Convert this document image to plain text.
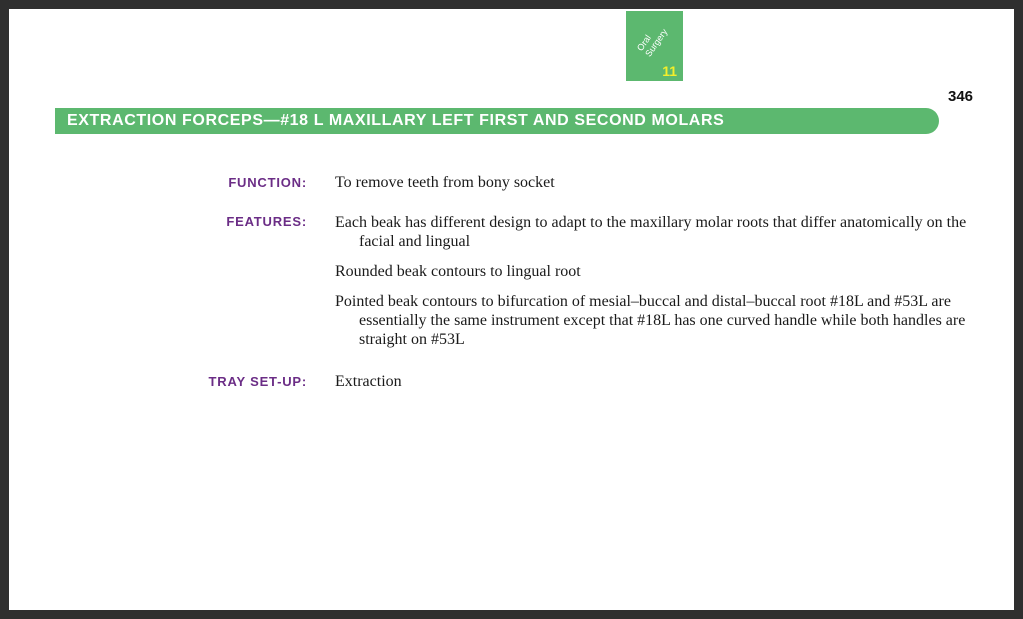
Oral
Surgery
11
346
EXTRACTION FORCEPS—#18 L MAXILLARY LEFT FIRST AND SECOND MOLARS
FUNCTION: To remove teeth from bony socket
FEATURES: Each beak has different design to adapt to the maxillary molar roots that differ anatomically on the facial and lingual
Rounded beak contours to lingual root
Pointed beak contours to bifurcation of mesial–buccal and distal–buccal root #18L and #53L are essentially the same instrument except that #18L has one curved handle while both handles are straight on #53L
TRAY SET-UP: Extraction
